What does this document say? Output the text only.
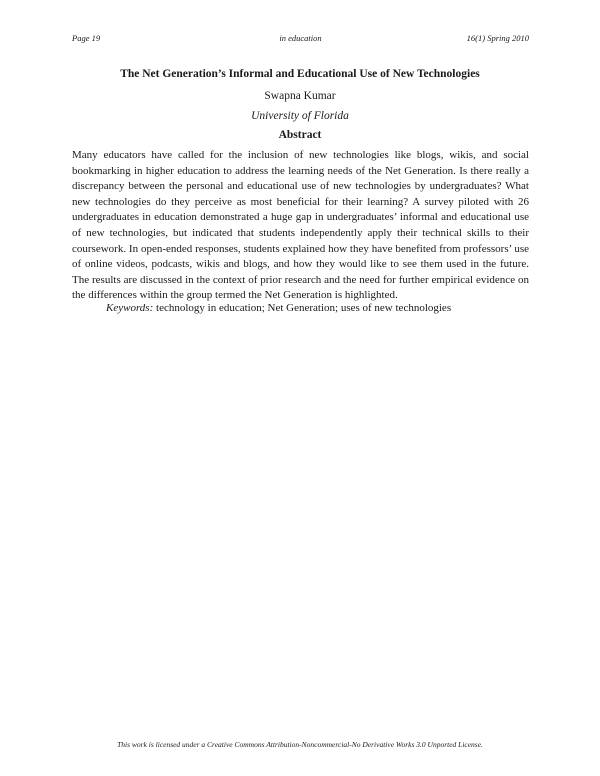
Page 19	in education	16(1) Spring 2010
The Net Generation’s Informal and Educational Use of New Technologies
Swapna Kumar
University of Florida
Abstract

Many educators have called for the inclusion of new technologies like blogs, wikis, and social bookmarking in higher education to address the learning needs of the Net Generation. Is there really a discrepancy between the personal and educational use of new technologies by undergraduates? What new technologies do they perceive as most beneficial for their learning? A survey piloted with 26 undergraduates in education demonstrated a huge gap in undergraduates’ informal and educational use of new technologies, but indicated that students independently apply their technical skills to their coursework. In open-ended responses, students explained how they have benefited from professors’ use of online videos, podcasts, wikis and blogs, and how they would like to see them used in the future. The results are discussed in the context of prior research and the need for further empirical evidence on the differences within the group termed the Net Generation is highlighted.

Keywords: technology in education; Net Generation; uses of new technologies

This work is licensed under a Creative Commons Attribution-Noncommercial-No Derivative Works 3.0 Unported License.
